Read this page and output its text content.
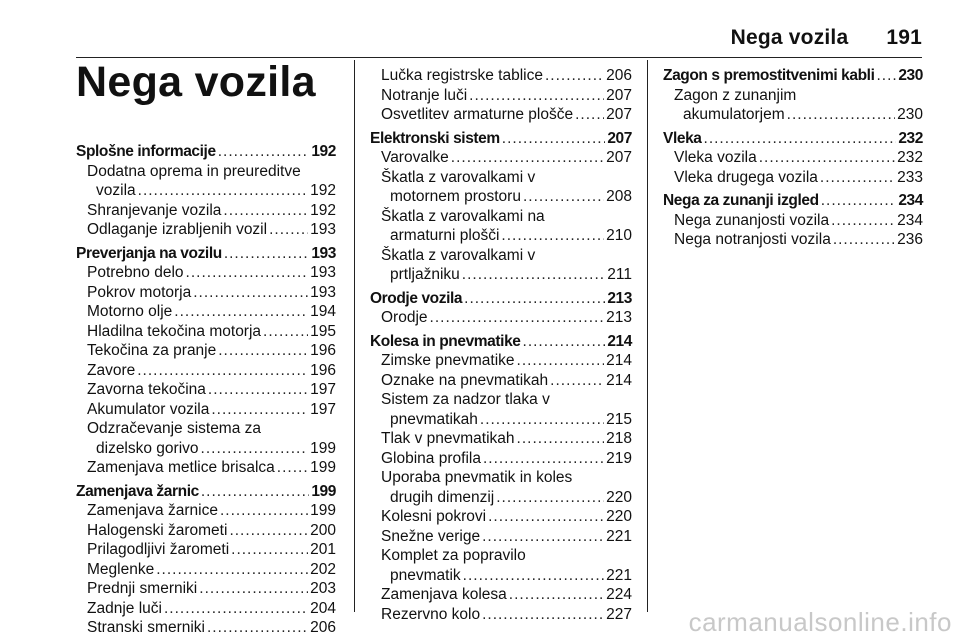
Nega vozila 191
Nega vozila
Splošne informacije .....	192
Dodatna oprema in preureditve
vozila .....	192
Shranjevanje vozila .....	192
Odlaganje izrabljenih vozil .....	193
Preverjanja na vozilu .....	193
Potrebno delo .....	193
Pokrov motorja .....	193
Motorno olje .....	194
Hladilna tekočina motorja .....	195
Tekočina za pranje .....	196
Zavore .....	196
Zavorna tekočina .....	197
Akumulator vozila .....	197
Odzračevanje sistema za
dizelsko gorivo .....	199
Zamenjava metlice brisalca ..... 199
Zamenjava žarnic .....	199
Zamenjava žarnice .....	199
Halogenski žarometi .....	200
Prilagodljivi žarometi .....	201
Meglenke .....	202
Prednji smerniki .....	203
Zadnje luči .....	204
Stranski smerniki .....	206
Lučka registrske tablice .....	206
Notranje luči .....	207
Osvetlitev armaturne plošče ..... 207
Elektronski sistem .....	207
Varovalke .....	207
Škatla z varovalkami v
motornem prostoru .....	208
Škatla z varovalkami na
armaturni plošči .....	210
Škatla z varovalkami v
prtljažniku .....	211
Orodje vozila .....	213
Orodje .....	213
Kolesa in pnevmatike .....	214
Zimske pnevmatike .....	214
Oznake na pnevmatikah .....	214
Sistem za nadzor tlaka v
pnevmatikah .....	215
Tlak v pnevmatikah .....	218
Globina profila .....	219
Uporaba pnevmatik in koles
drugih dimenzij .....	220
Kolesni pokrovi .....	220
Snežne verige .....	221
Komplet za popravilo
pnevmatik .....	221
Zamenjava kolesa .....	224
Rezervno kolo .....	227
Zagon s premostitvenimi kabli ..... 230
Zagon z zunanjim
akumulatorjem .....	230
Vleka .....	232
Vleka vozila .....	232
Vleka drugega vozila .....	233
Nega za zunanji izgled .....	234
Nega zunanjosti vozila .....	234
Nega notranjosti vozila .....	236
carmanualsonline.info
